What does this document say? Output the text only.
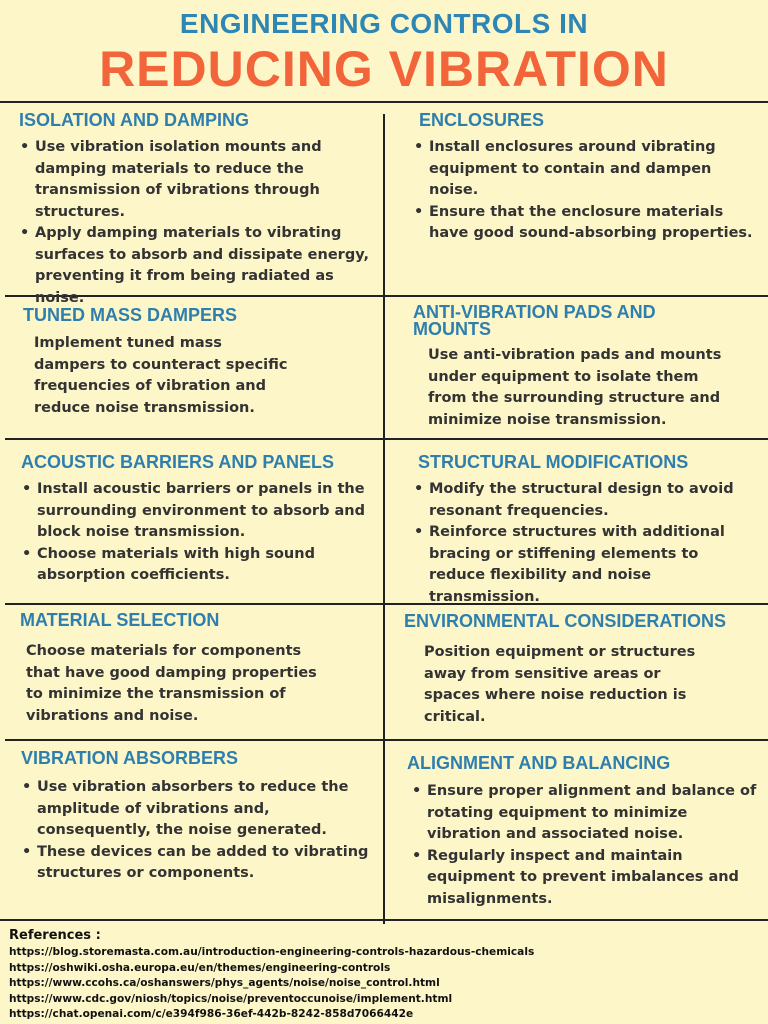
ENGINEERING CONTROLS IN
REDUCING VIBRATION
ISOLATION AND DAMPING
• Use vibration isolation mounts and damping materials to reduce the transmission of vibrations through structures.
• Apply damping materials to vibrating surfaces to absorb and dissipate energy, preventing it from being radiated as noise.
ENCLOSURES
• Install enclosures around vibrating equipment to contain and dampen noise.
• Ensure that the enclosure materials have good sound-absorbing properties.
TUNED MASS DAMPERS

Implement tuned mass dampers to counteract specific frequencies of vibration and reduce noise transmission.

ANTI-VIBRATION PADS AND MOUNTS

Use anti-vibration pads and mounts under equipment to isolate them from the surrounding structure and minimize noise transmission.

ACOUSTIC BARRIERS AND PANELS
• Install acoustic barriers or panels in the surrounding environment to absorb and block noise transmission.
• Choose materials with high sound absorption coefficients.
STRUCTURAL MODIFICATIONS
• Modify the structural design to avoid resonant frequencies.
• Reinforce structures with additional bracing or stiffening elements to reduce flexibility and noise transmission.
MATERIAL SELECTION

Choose materials for components that have good damping properties to minimize the transmission of vibrations and noise.

ENVIRONMENTAL CONSIDERATIONS

Position equipment or structures away from sensitive areas or spaces where noise reduction is critical.

VIBRATION ABSORBERS
• Use vibration absorbers to reduce the amplitude of vibrations and, consequently, the noise generated.
• These devices can be added to vibrating structures or components.
ALIGNMENT AND BALANCING
• Ensure proper alignment and balance of rotating equipment to minimize vibration and associated noise.
• Regularly inspect and maintain equipment to prevent imbalances and misalignments.
References :
https://blog.storemasta.com.au/introduction-engineering-controls-hazardous-chemicals
https://oshwiki.osha.europa.eu/en/themes/engineering-controls
https://www.ccohs.ca/oshanswers/phys_agents/noise/noise_control.html
https://www.cdc.gov/niosh/topics/noise/preventoccunoise/implement.html
https://chat.openai.com/c/e394f986-36ef-442b-8242-858d7066442e
